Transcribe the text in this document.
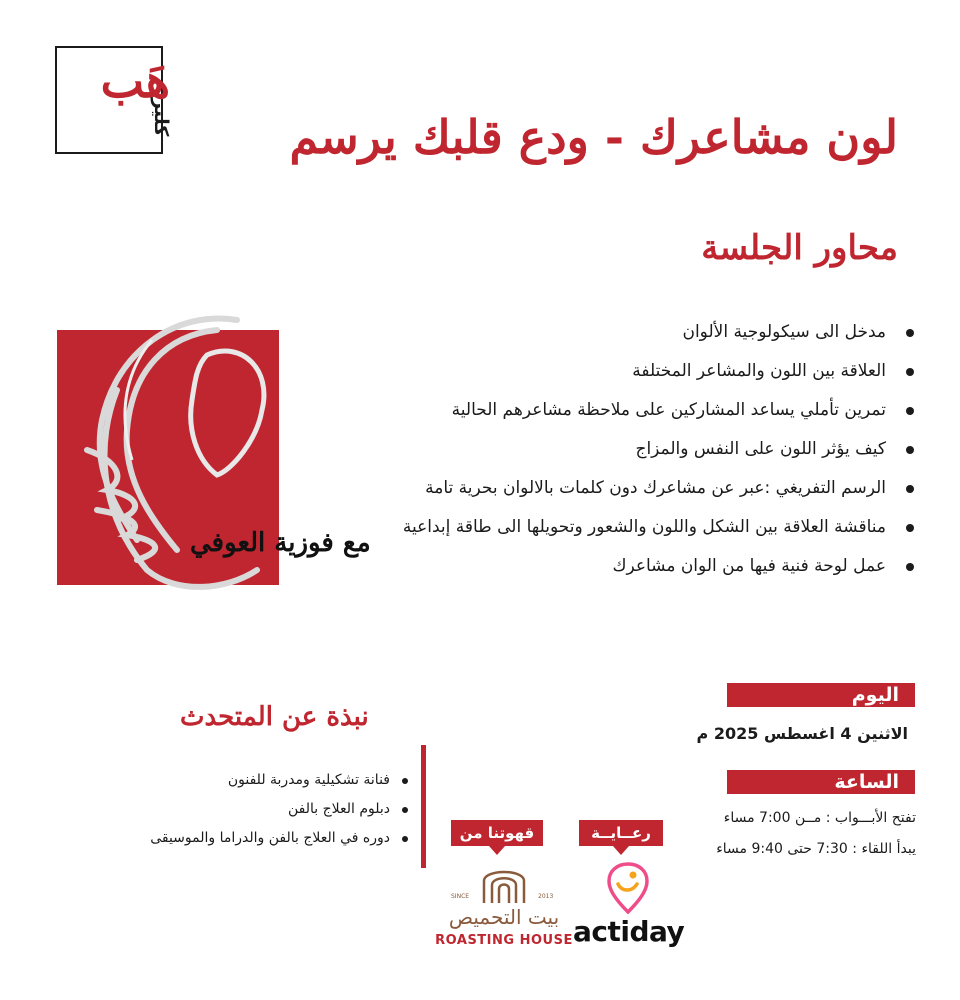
هَب
كلير	لون مشاعرك - ودع قلبك يرسم
محاور الجلسة
مدخل الى سيكولوجية الألوان
العلاقة بين اللون والمشاعر المختلفة
تمرين تأملي يساعد المشاركين على ملاحظة مشاعرهم الحالية
كيف يؤثر اللون على النفس والمزاج
الرسم التفريغي :عبر عن مشاعرك دون كلمات بالالوان بحرية تامة
مناقشة العلاقة بين الشكل واللون والشعور وتحويلها الى طاقة إبداعية
عمل لوحة فنية فيها من الوان مشاعرك
مع فوزية العوفي
اليوم
الاثنين 4 اغسطس 2025 م
الساعة
تفتح الأبـــواب : مــن 7:00 مساء
يبدأ اللقاء : 7:30 حتى 9:40 مساء
نبذة عن المتحدث
فنانة تشكيلية ومدربة للفنون
دبلوم العلاج بالفن
دوره في العلاج بالفن والدراما والموسيقى	قهوتنا من	رعــايــة
SINCE	2013
بيت التحميص
ROASTING HOUSE actiday
